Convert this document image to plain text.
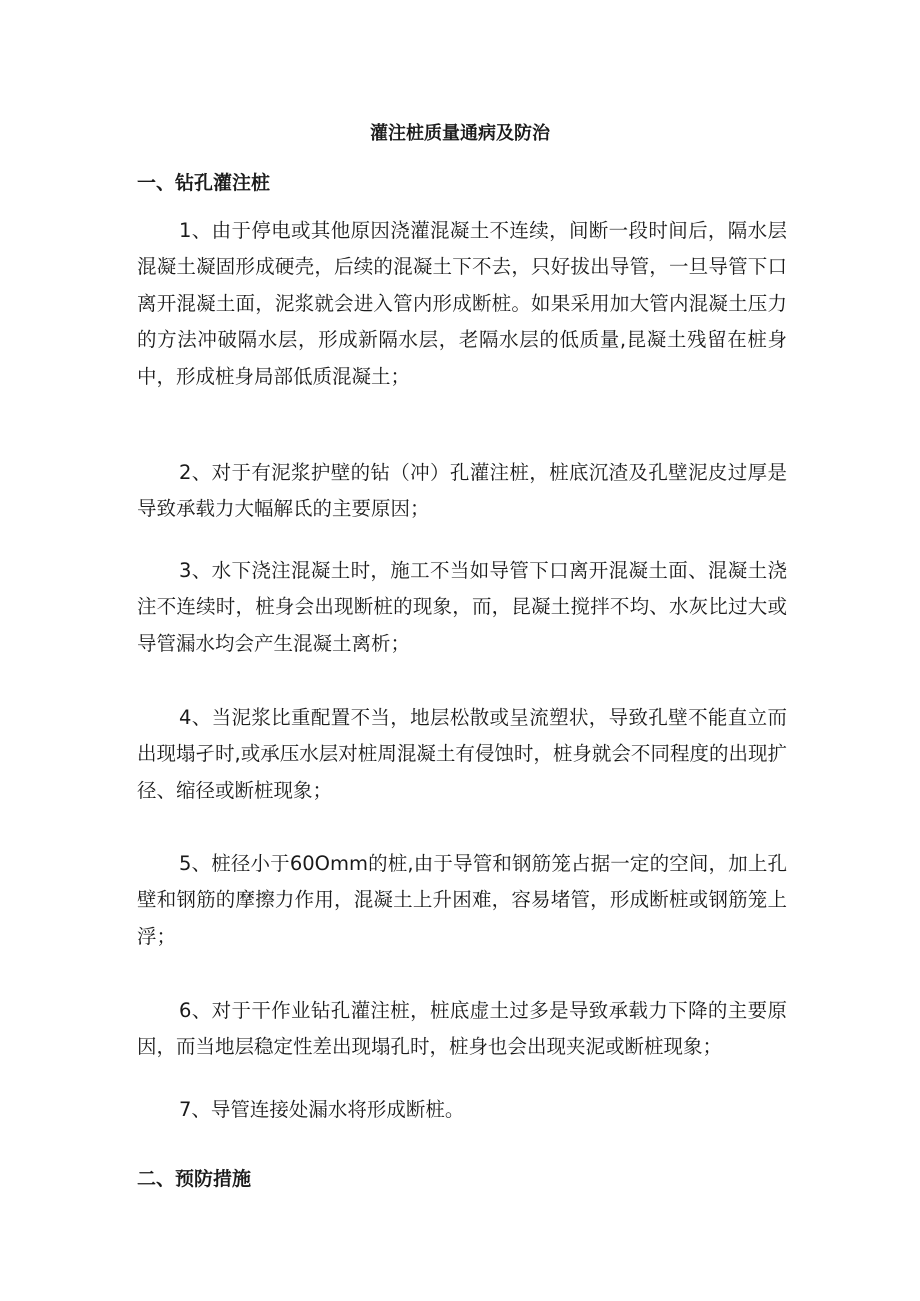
灌注桩质量通病及防治
一、钻孔灌注桩

1、由于停电或其他原因浇灌混凝土不连续，间断一段时间后，隔水层混凝土凝固形成硬壳，后续的混凝土下不去，只好拔出导管，一旦导管下口离开混凝土面，泥浆就会进入管内形成断桩。如果采用加大管内混凝土压力的方法冲破隔水层，形成新隔水层，老隔水层的低质量,昆凝土残留在桩身中，形成桩身局部低质混凝土；

2、对于有泥浆护壁的钻（冲）孔灌注桩，桩底沉渣及孔壁泥皮过厚是导致承载力大幅解氐的主要原因；

3、水下浇注混凝土时，施工不当如导管下口离开混凝土面、混凝土浇注不连续时，桩身会出现断桩的现象，而，昆凝土搅拌不均、水灰比过大或导管漏水均会产生混凝土离析；

4、当泥浆比重配置不当，地层松散或呈流塑状，导致孔壁不能直立而出现塌孑时,或承压水层对桩周混凝土有侵蚀时，桩身就会不同程度的出现扩径、缩径或断桩现象；

5、桩径小于60Omm的桩,由于导管和钢筋笼占据一定的空间，加上孔壁和钢筋的摩擦力作用，混凝土上升困难，容易堵管，形成断桩或钢筋笼上浮；

6、对于干作业钻孔灌注桩，桩底虚土过多是导致承载力下降的主要原因，而当地层稳定性差出现塌孔时，桩身也会出现夹泥或断桩现象；

7、导管连接处漏水将形成断桩。

二、预防措施
